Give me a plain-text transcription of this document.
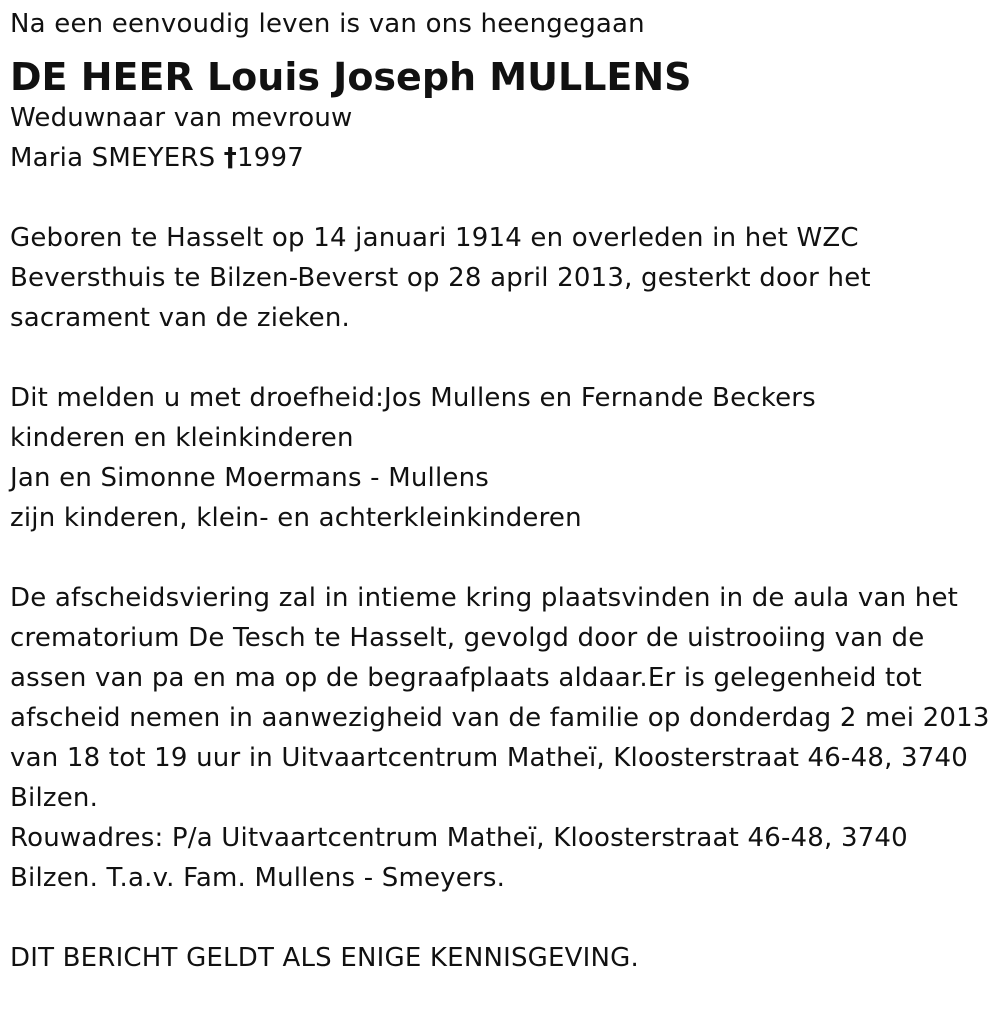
Na een eenvoudig leven is van ons heengegaan
DE HEER Louis Joseph MULLENS
Weduwnaar van mevrouw
Maria SMEYERS †1997
Geboren te Hasselt op 14 januari 1914 en overleden in het WZC
Beversthuis te Bilzen-Beverst op 28 april 2013, gesterkt door het
sacrament van de zieken.
Dit melden u met droefheid:Jos Mullens en Fernande Beckers
kinderen en kleinkinderen
Jan en Simonne Moermans - Mullens
zijn kinderen, klein- en achterkleinkinderen
De afscheidsviering zal in intieme kring plaatsvinden in de aula van het
crematorium De Tesch te Hasselt, gevolgd door de uistrooiing van de
assen van pa en ma op de begraafplaats aldaar.Er is gelegenheid tot
afscheid nemen in aanwezigheid van de familie op donderdag 2 mei 2013
van 18 tot 19 uur in Uitvaartcentrum Matheï, Kloosterstraat 46-48, 3740
Bilzen.
Rouwadres: P/a Uitvaartcentrum Matheï, Kloosterstraat 46-48, 3740
Bilzen. T.a.v. Fam. Mullens - Smeyers.
DIT BERICHT GELDT ALS ENIGE KENNISGEVING.
